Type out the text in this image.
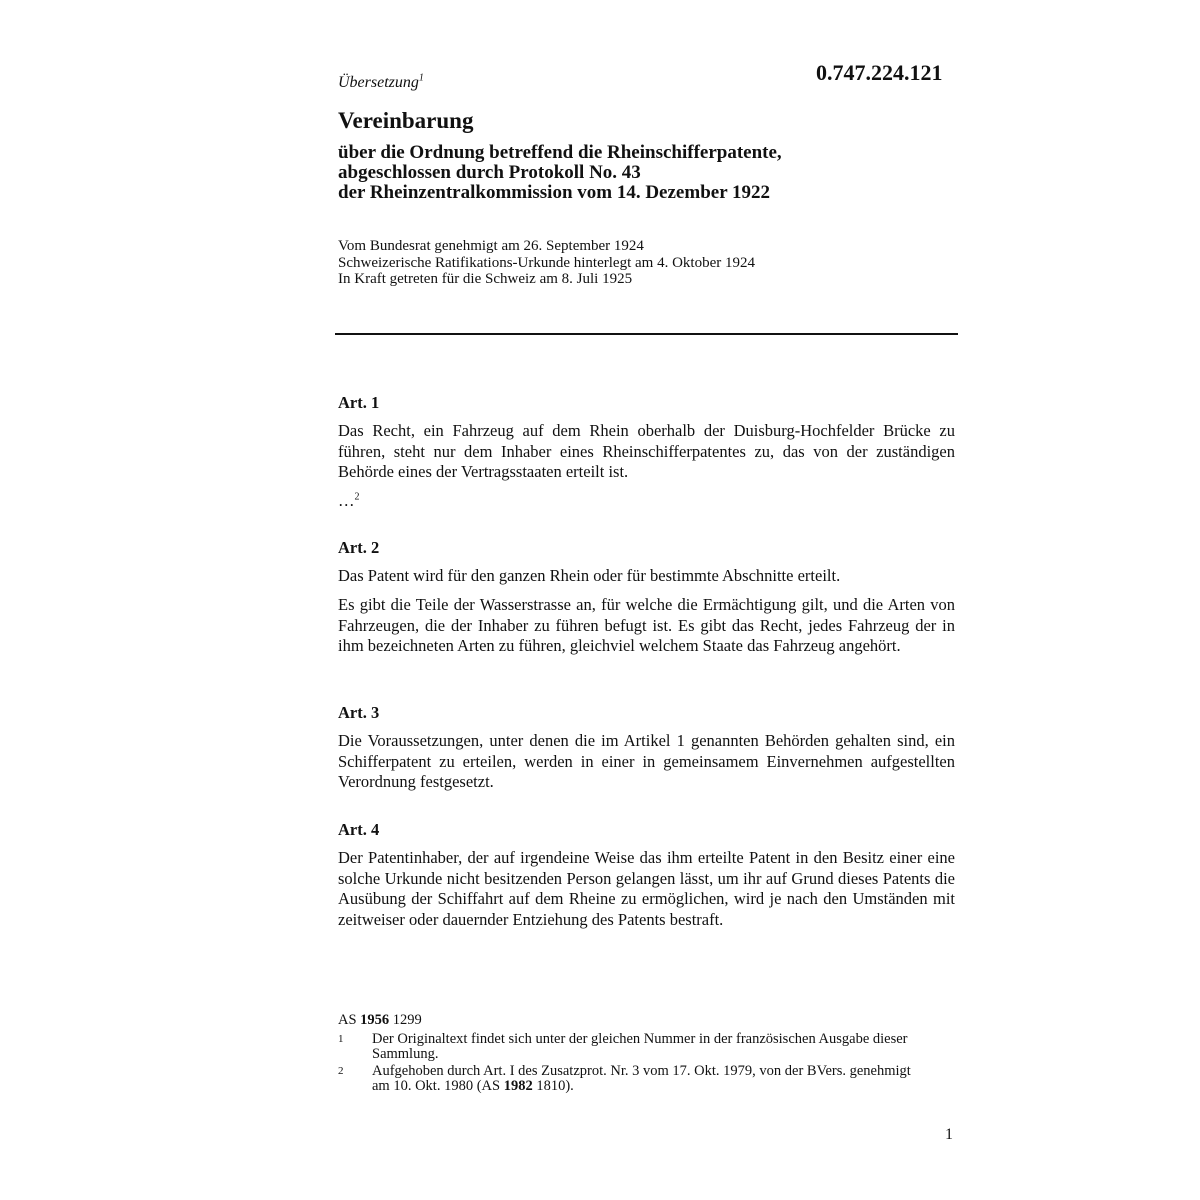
0.747.224.121
Übersetzung$^1$
Vereinbarung
über die Ordnung betreffend die Rheinschifferpatente,
abgeschlossen durch Protokoll No. 43
der Rheinzentralkommission vom 14. Dezember 1922
Vom Bundesrat genehmigt am 26. September 1924
Schweizerische Ratifikations-Urkunde hinterlegt am 4. Oktober 1924
In Kraft getreten für die Schweiz am 8. Juli 1925
Art. 1
Das Recht, ein Fahrzeug auf dem Rhein oberhalb der Duisburg-Hochfelder Brücke zu führen, steht nur dem Inhaber eines Rheinschifferpatentes zu, das von der zuständigen Behörde eines der Vertragsstaaten erteilt ist.
…$^2$
Art. 2
Das Patent wird für den ganzen Rhein oder für bestimmte Abschnitte erteilt.
Es gibt die Teile der Wasserstrasse an, für welche die Ermächtigung gilt, und die Arten von Fahrzeugen, die der Inhaber zu führen befugt ist. Es gibt das Recht, jedes Fahrzeug der in ihm bezeichneten Arten zu führen, gleichviel welchem Staate das Fahrzeug angehört.
Art. 3
Die Voraussetzungen, unter denen die im Artikel 1 genannten Behörden gehalten sind, ein Schifferpatent zu erteilen, werden in einer in gemeinsamem Einvernehmen aufgestellten Verordnung festgesetzt.
Art. 4
Der Patentinhaber, der auf irgendeine Weise das ihm erteilte Patent in den Besitz einer eine solche Urkunde nicht besitzenden Person gelangen lässt, um ihr auf Grund dieses Patents die Ausübung der Schiffahrt auf dem Rheine zu ermöglichen, wird je nach den Umständen mit zeitweiser oder dauernder Entziehung des Patents bestraft.
AS 1956 1299
1	Der Originaltext findet sich unter der gleichen Nummer in der französischen Ausgabe dieser Sammlung.
2	Aufgehoben durch Art. I des Zusatzprot. Nr. 3 vom 17. Okt. 1979, von der BVers. genehmigt am 10. Okt. 1980 (AS 1982 1810).
1
